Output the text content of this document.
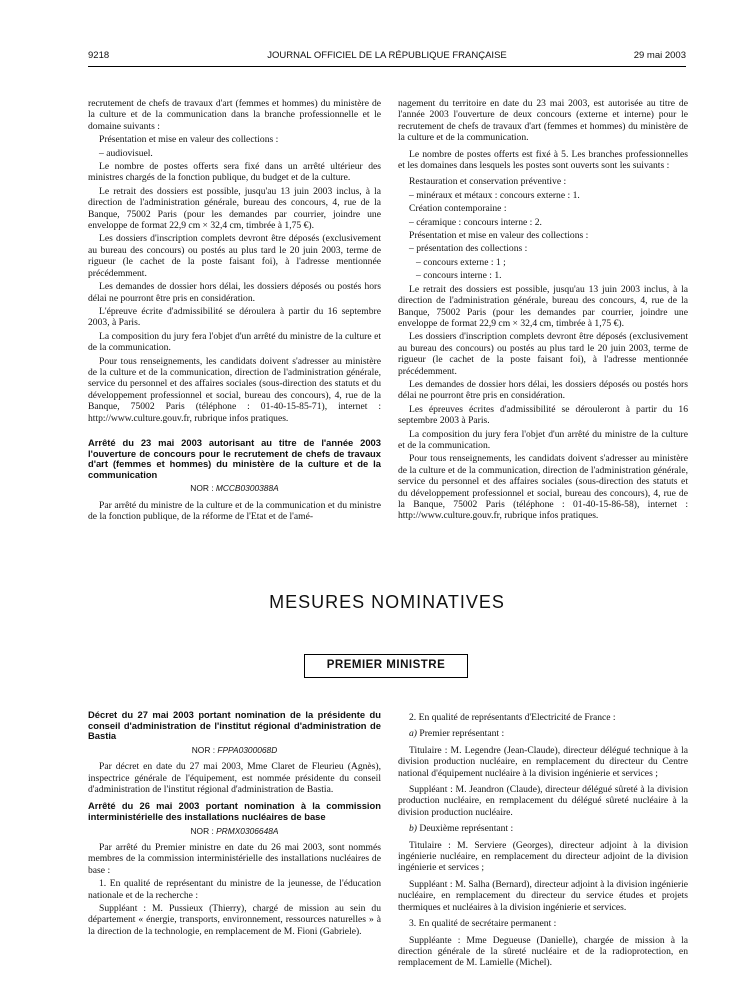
9218	JOURNAL OFFICIEL DE LA RÉPUBLIQUE FRANÇAISE	29 mai 2003

recrutement de chefs de travaux d'art (femmes et hommes) du ministère de la culture et de la communication dans la branche professionnelle et le domaine suivants :

Présentation et mise en valeur des collections :

– audiovisuel.

Le nombre de postes offerts sera fixé dans un arrêté ultérieur des ministres chargés de la fonction publique, du budget et de la culture.

Le retrait des dossiers est possible, jusqu'au 13 juin 2003 inclus, à la direction de l'administration générale, bureau des concours, 4, rue de la Banque, 75002 Paris (pour les demandes par courrier, joindre une enveloppe de format 22,9 cm × 32,4 cm, timbrée à 1,75 €).

Les dossiers d'inscription complets devront être déposés (exclusivement au bureau des concours) ou postés au plus tard le 20 juin 2003, terme de rigueur (le cachet de la poste faisant foi), à l'adresse mentionnée précédemment.

Les demandes de dossier hors délai, les dossiers déposés ou postés hors délai ne pourront être pris en considération.

L'épreuve écrite d'admissibilité se déroulera à partir du 16 septembre 2003, à Paris.

La composition du jury fera l'objet d'un arrêté du ministre de la culture et de la communication.

Pour tous renseignements, les candidats doivent s'adresser au ministère de la culture et de la communication, direction de l'administration générale, service du personnel et des affaires sociales (sous-direction des statuts et du développement professionnel et social, bureau des concours), 4, rue de la Banque, 75002 Paris (téléphone : 01-40-15-85-71), internet : http://www.culture.gouv.fr, rubrique infos pratiques.

Arrêté du 23 mai 2003 autorisant au titre de l'année 2003 l'ouverture de concours pour le recrutement de chefs de travaux d'art (femmes et hommes) du ministère de la culture et de la communication

NOR : MCCB0300388A

Par arrêté du ministre de la culture et de la communication et du ministre de la fonction publique, de la réforme de l'Etat et de l'amé-

nagement du territoire en date du 23 mai 2003, est autorisée au titre de l'année 2003 l'ouverture de deux concours (externe et interne) pour le recrutement de chefs de travaux d'art (femmes et hommes) du ministère de la culture et de la communication.

Le nombre de postes offerts est fixé à 5. Les branches professionnelles et les domaines dans lesquels les postes sont ouverts sont les suivants :

Restauration et conservation préventive :

– minéraux et métaux : concours externe : 1.

Création contemporaine :

– céramique : concours interne : 2.

Présentation et mise en valeur des collections :

– présentation des collections :

– concours externe : 1 ;

– concours interne : 1.

Le retrait des dossiers est possible, jusqu'au 13 juin 2003 inclus, à la direction de l'administration générale, bureau des concours, 4, rue de la Banque, 75002 Paris (pour les demandes par courrier, joindre une enveloppe de format 22,9 cm × 32,4 cm, timbrée à 1,75 €).

Les dossiers d'inscription complets devront être déposés (exclusivement au bureau des concours) ou postés au plus tard le 20 juin 2003, terme de rigueur (le cachet de la poste faisant foi), à l'adresse mentionnée précédemment.

Les demandes de dossier hors délai, les dossiers déposés ou postés hors délai ne pourront être pris en considération.

Les épreuves écrites d'admissibilité se dérouleront à partir du 16 septembre 2003 à Paris.

La composition du jury fera l'objet d'un arrêté du ministre de la culture et de la communication.

Pour tous renseignements, les candidats doivent s'adresser au ministère de la culture et de la communication, direction de l'administration générale, service du personnel et des affaires sociales (sous-direction des statuts et du développement professionnel et social, bureau des concours), 4, rue de la Banque, 75002 Paris (téléphone : 01-40-15-86-58), internet : http://www.culture.gouv.fr, rubrique infos pratiques.

MESURES NOMINATIVES
PREMIER MINISTRE

Décret du 27 mai 2003 portant nomination de la présidente du conseil d'administration de l'institut régional d'administration de Bastia

NOR : FPPA0300068D

Par décret en date du 27 mai 2003, Mme Claret de Fleurieu (Agnès), inspectrice générale de l'équipement, est nommée présidente du conseil d'administration de l'institut régional d'administration de Bastia.

Arrêté du 26 mai 2003 portant nomination à la commission interministérielle des installations nucléaires de base

NOR : PRMX0306648A

Par arrêté du Premier ministre en date du 26 mai 2003, sont nommés membres de la commission interministérielle des installations nucléaires de base :

1. En qualité de représentant du ministre de la jeunesse, de l'éducation nationale et de la recherche :

Suppléant : M. Pussieux (Thierry), chargé de mission au sein du département « énergie, transports, environnement, ressources naturelles » à la direction de la technologie, en remplacement de M. Fioni (Gabriele).

2. En qualité de représentants d'Electricité de France :

a) Premier représentant :

Titulaire : M. Legendre (Jean-Claude), directeur délégué technique à la division production nucléaire, en remplacement du directeur du Centre national d'équipement nucléaire à la division ingénierie et services ;

Suppléant : M. Jeandron (Claude), directeur délégué sûreté à la division production nucléaire, en remplacement du délégué sûreté nucléaire à la division production nucléaire.

b) Deuxième représentant :

Titulaire : M. Serviere (Georges), directeur adjoint à la division ingénierie nucléaire, en remplacement du directeur adjoint de la division ingénierie et services ;

Suppléant : M. Salha (Bernard), directeur adjoint à la division ingénierie nucléaire, en remplacement du directeur du service études et projets thermiques et nucléaires à la division ingénierie et services.

3. En qualité de secrétaire permanent :

Suppléante : Mme Degueuse (Danielle), chargée de mission à la direction générale de la sûreté nucléaire et de la radioprotection, en remplacement de M. Lamielle (Michel).
